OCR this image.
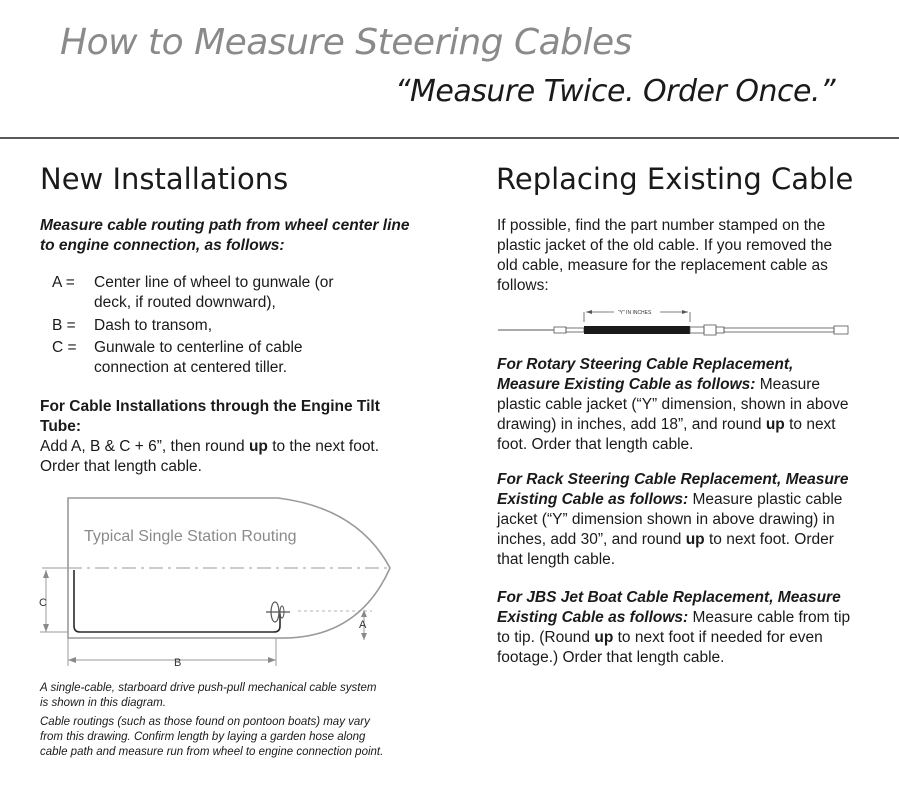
How to Measure Steering Cables
“Measure Twice. Order Once.”
New Installations
Measure cable routing path from wheel center line to engine connection, as follows:
A =	Center line of wheel to gunwale (or deck, if routed downward),
B =	Dash to transom,
C =	Gunwale to centerline of cable connection at centered tiller.
For Cable Installations through the Engine Tilt Tube:
Add A, B & C + 6”, then round up to the next foot. Order that length cable.
Typical Single Station Routing
C
A
B
A single-cable, starboard drive push-pull mechanical cable system is shown in this diagram.
Cable routings (such as those found on pontoon boats) may vary from this drawing. Confirm length by laying a garden hose along cable path and measure run from wheel to engine connection point.
Replacing Existing Cable
If possible, find the part number stamped on the plastic jacket of the old cable. If you removed the old cable, measure for the replacement cable as follows:
“Y” IN INCHES
For Rotary Steering Cable Replacement, Measure Existing Cable as follows: Measure plastic cable jacket (“Y” dimension, shown in above drawing) in inches, add 18”, and round up to next foot. Order that length cable.
For Rack Steering Cable Replacement, Measure Existing Cable as follows: Measure plastic cable jacket (“Y” dimension shown in above drawing) in inches, add 30”, and round up to next foot. Order that length cable.
For JBS Jet Boat Cable Replacement, Measure Existing Cable as follows: Measure cable from tip to tip. (Round up to next foot if needed for even footage.) Order that length cable.
